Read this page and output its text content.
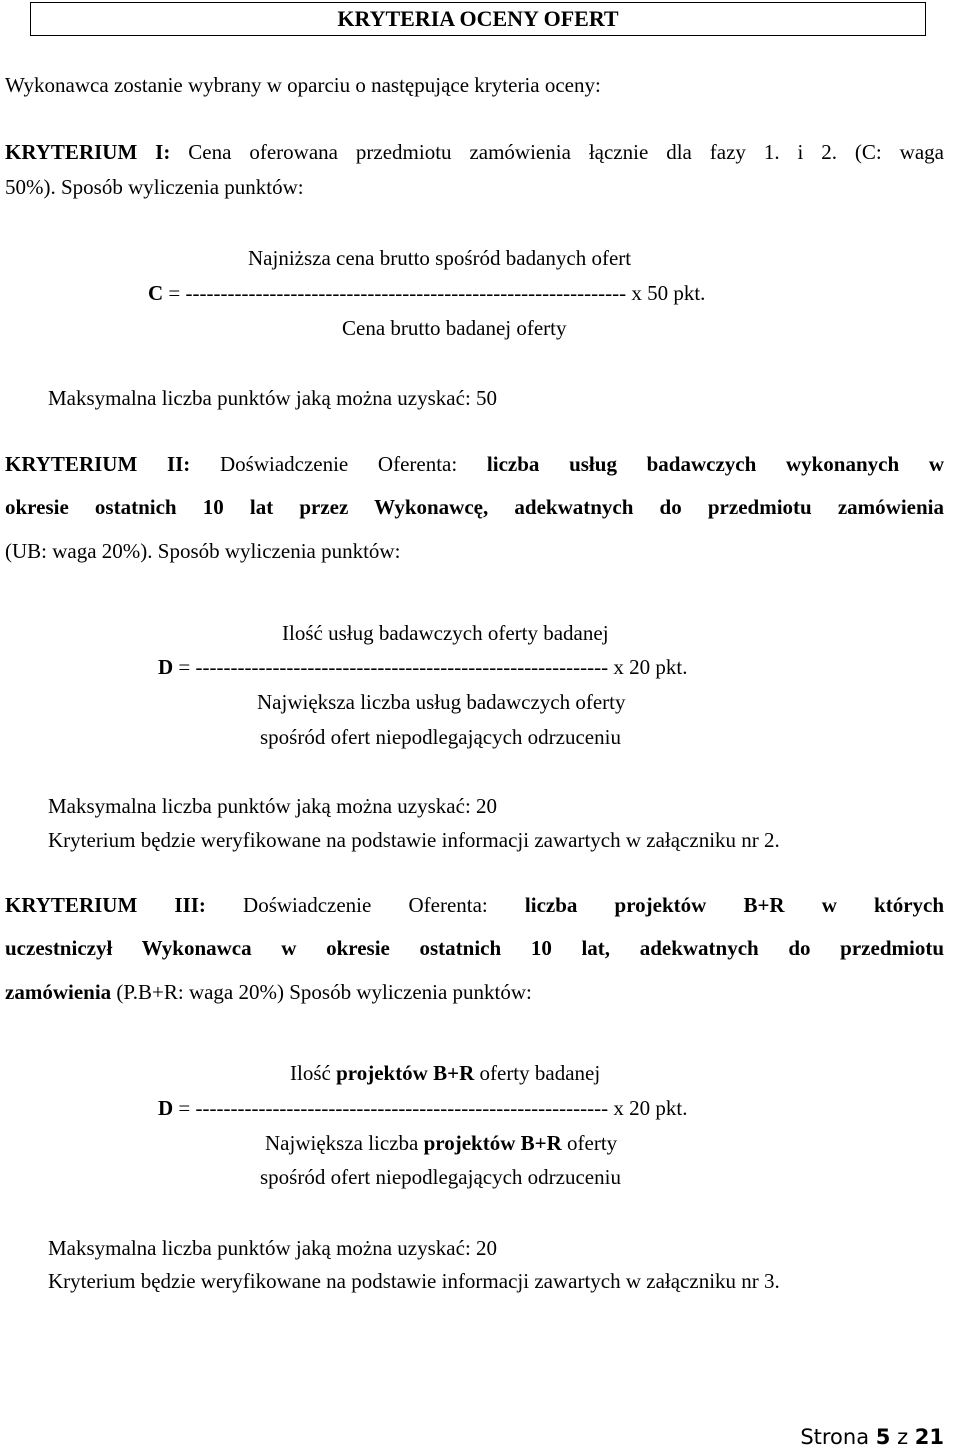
KRYTERIA OCENY OFERT
Wykonawca zostanie wybrany w oparciu o następujące kryteria oceny:
KRYTERIUM I: Cena oferowana przedmiotu zamówienia łącznie dla fazy 1. i 2. (C: waga
50%). Sposób wyliczenia punktów:
Najniższa cena brutto spośród badanych ofert
C = --------------------------------------------------------------- x 50 pkt.
Cena brutto badanej oferty
Maksymalna liczba punktów jaką można uzyskać: 50
KRYTERIUM II: Doświadczenie Oferenta: liczba usług badawczych wykonanych w
okresie ostatnich 10 lat przez Wykonawcę, adekwatnych do przedmiotu zamówienia
(UB: waga 20%). Sposób wyliczenia punktów:
Ilość usług badawczych oferty badanej
D = ----------------------------------------------------------- x 20 pkt.
Największa liczba usług badawczych oferty
spośród ofert niepodlegających odrzuceniu
Maksymalna liczba punktów jaką można uzyskać: 20
Kryterium będzie weryfikowane na podstawie informacji zawartych w załączniku nr 2.
KRYTERIUM III: Doświadczenie Oferenta: liczba projektów B+R w których
uczestniczył Wykonawca w okresie ostatnich 10 lat, adekwatnych do przedmiotu
zamówienia (P.B+R: waga 20%) Sposób wyliczenia punktów:
Ilość projektów B+R oferty badanej
D = ----------------------------------------------------------- x 20 pkt.
Największa liczba projektów B+R oferty
spośród ofert niepodlegających odrzuceniu
Maksymalna liczba punktów jaką można uzyskać: 20
Kryterium będzie weryfikowane na podstawie informacji zawartych w załączniku nr 3.
Strona 5 z 21
